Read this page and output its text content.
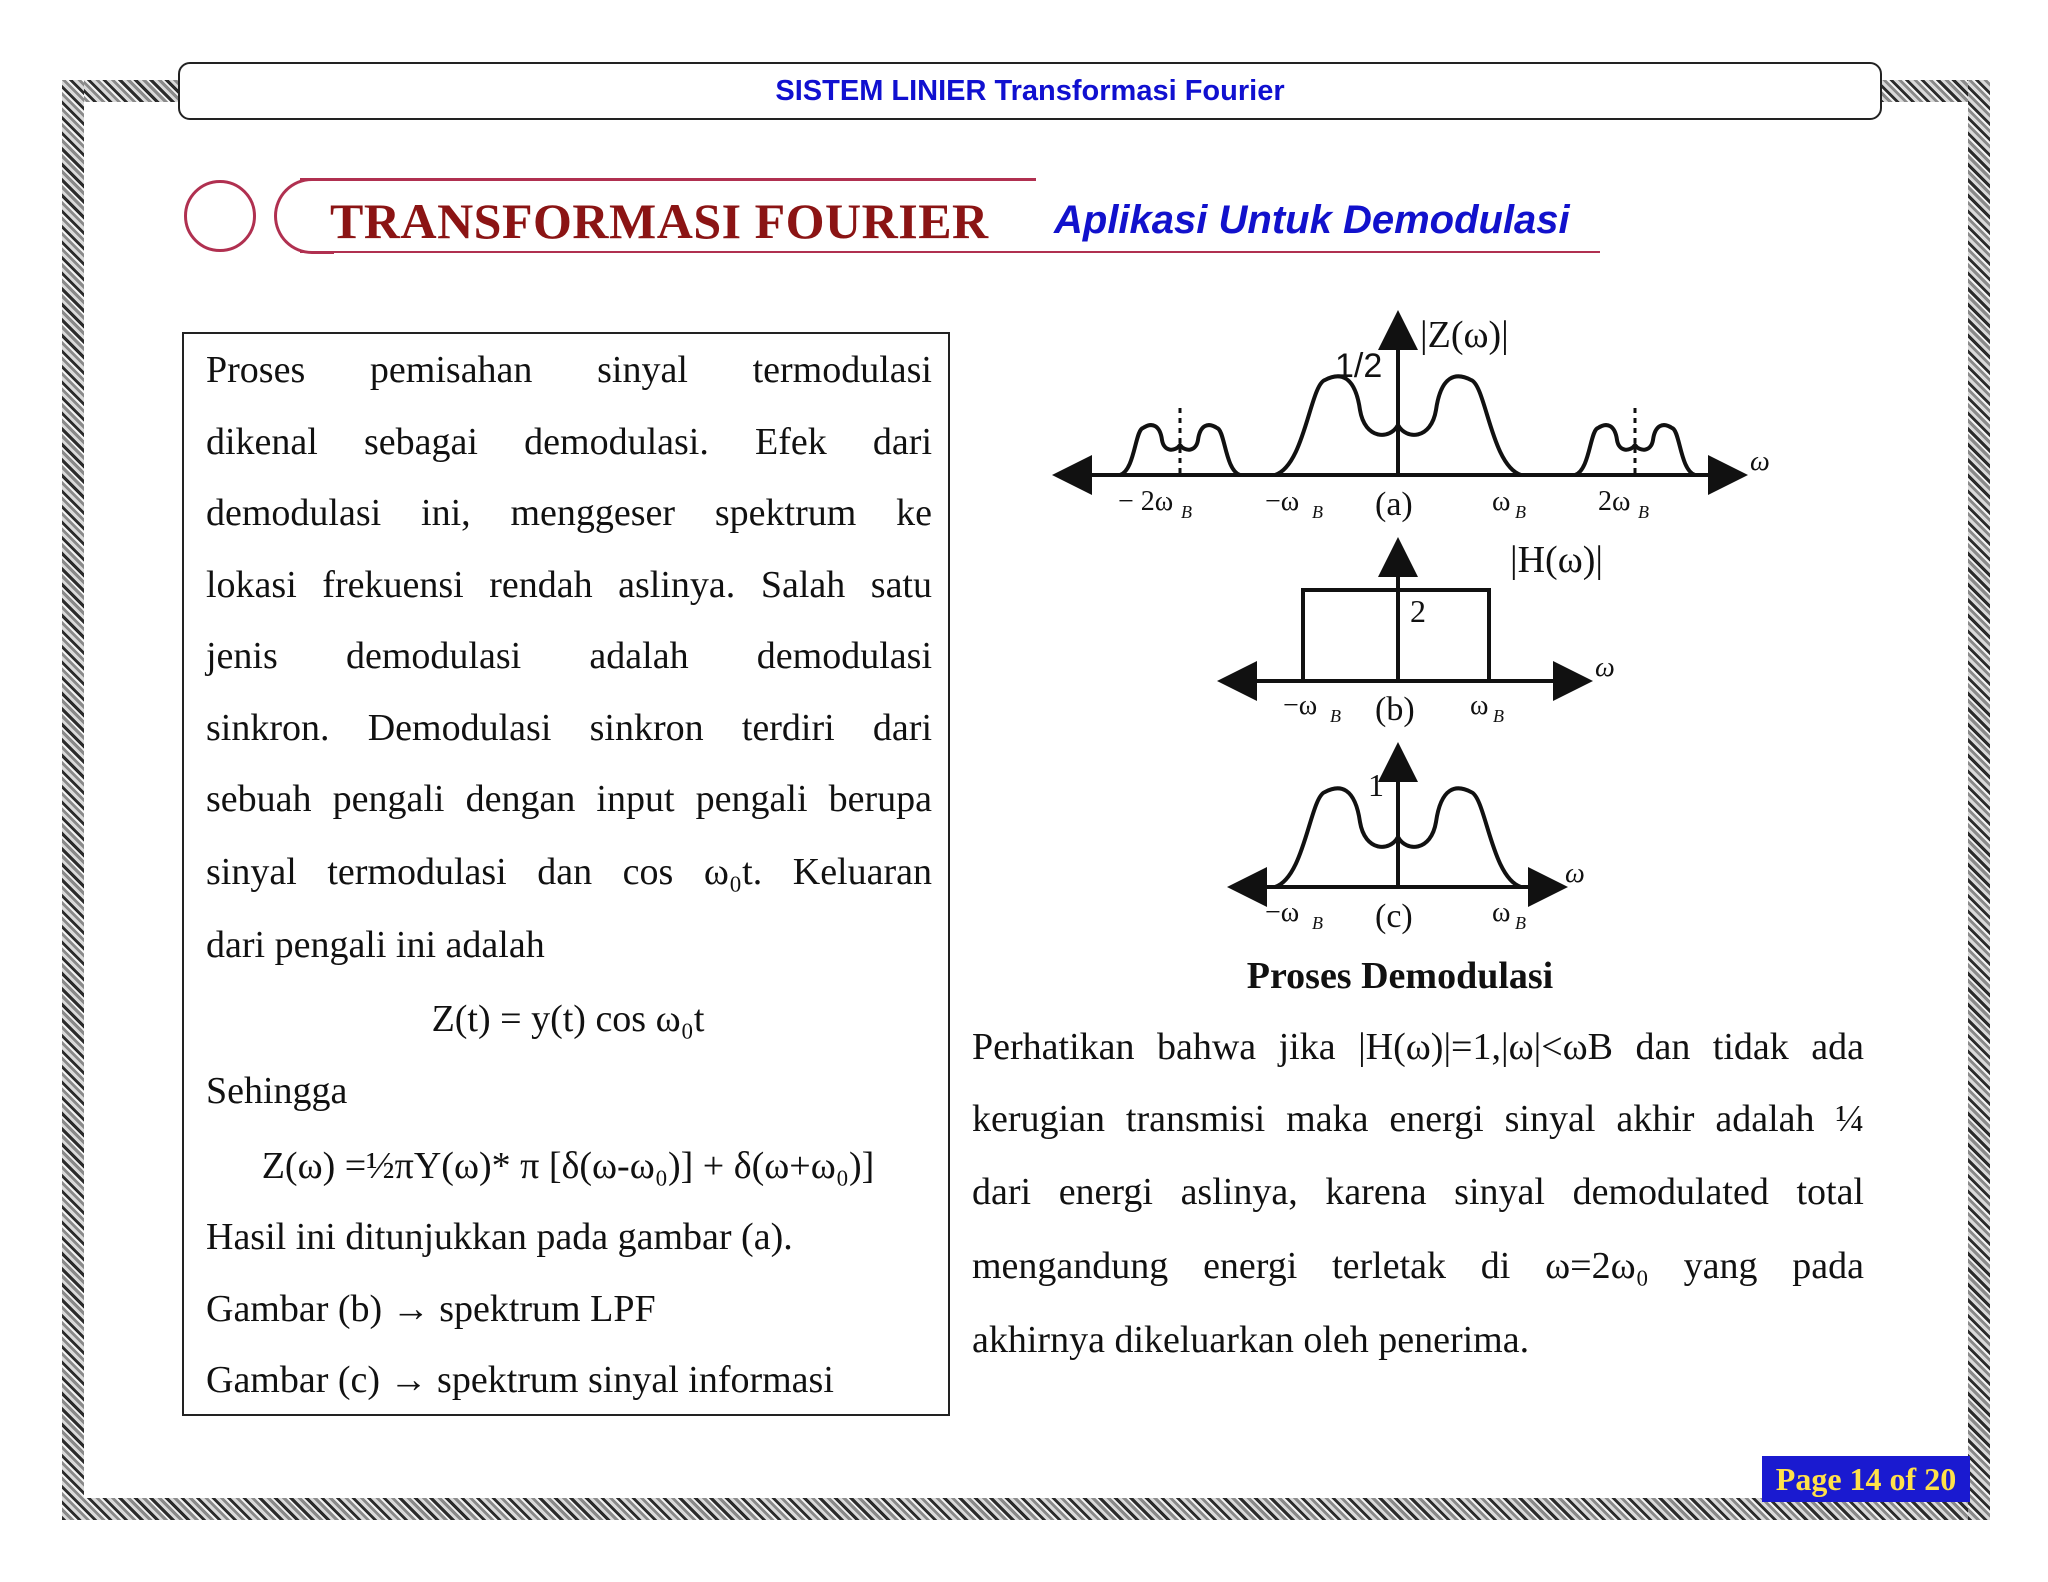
SISTEM LINIER Transformasi Fourier
TRANSFORMASI FOURIER Aplikasi Untuk Demodulasi
Proses pemisahan sinyal termodulasi
dikenal sebagai demodulasi. Efek dari
demodulasi ini, menggeser spektrum ke
lokasi frekuensi rendah aslinya. Salah satu
jenis demodulasi adalah demodulasi
sinkron. Demodulasi sinkron terdiri dari
sebuah pengali dengan input pengali berupa
sinyal termodulasi dan cos ω₀t. Keluaran
dari pengali ini adalah
Z(t) = y(t) cos ω₀t
Sehingga
Z(ω) =½πY(ω)* π [δ(ω-ω₀)] + δ(ω+ω₀)]
Hasil ini ditunjukkan pada gambar (a).
Gambar (b) → spektrum LPF
Gambar (c) → spektrum sinyal informasi
|Z(ω)|
1/2
ω
(a)
− 2ω B	−ω B	ω B	2ω B
|H(ω)|
2
ω
(b)
−ω B	ω B
1
ω
(c)
−ω B	ω B
Proses Demodulasi
Perhatikan bahwa jika |H(ω)|=1,|ω|<ωB dan tidak ada
kerugian transmisi maka energi sinyal akhir adalah ¼
dari energi aslinya, karena sinyal demodulated total
mengandung energi terletak di ω=2ω₀ yang pada
akhirnya dikeluarkan oleh penerima.
Page 14 of 20
